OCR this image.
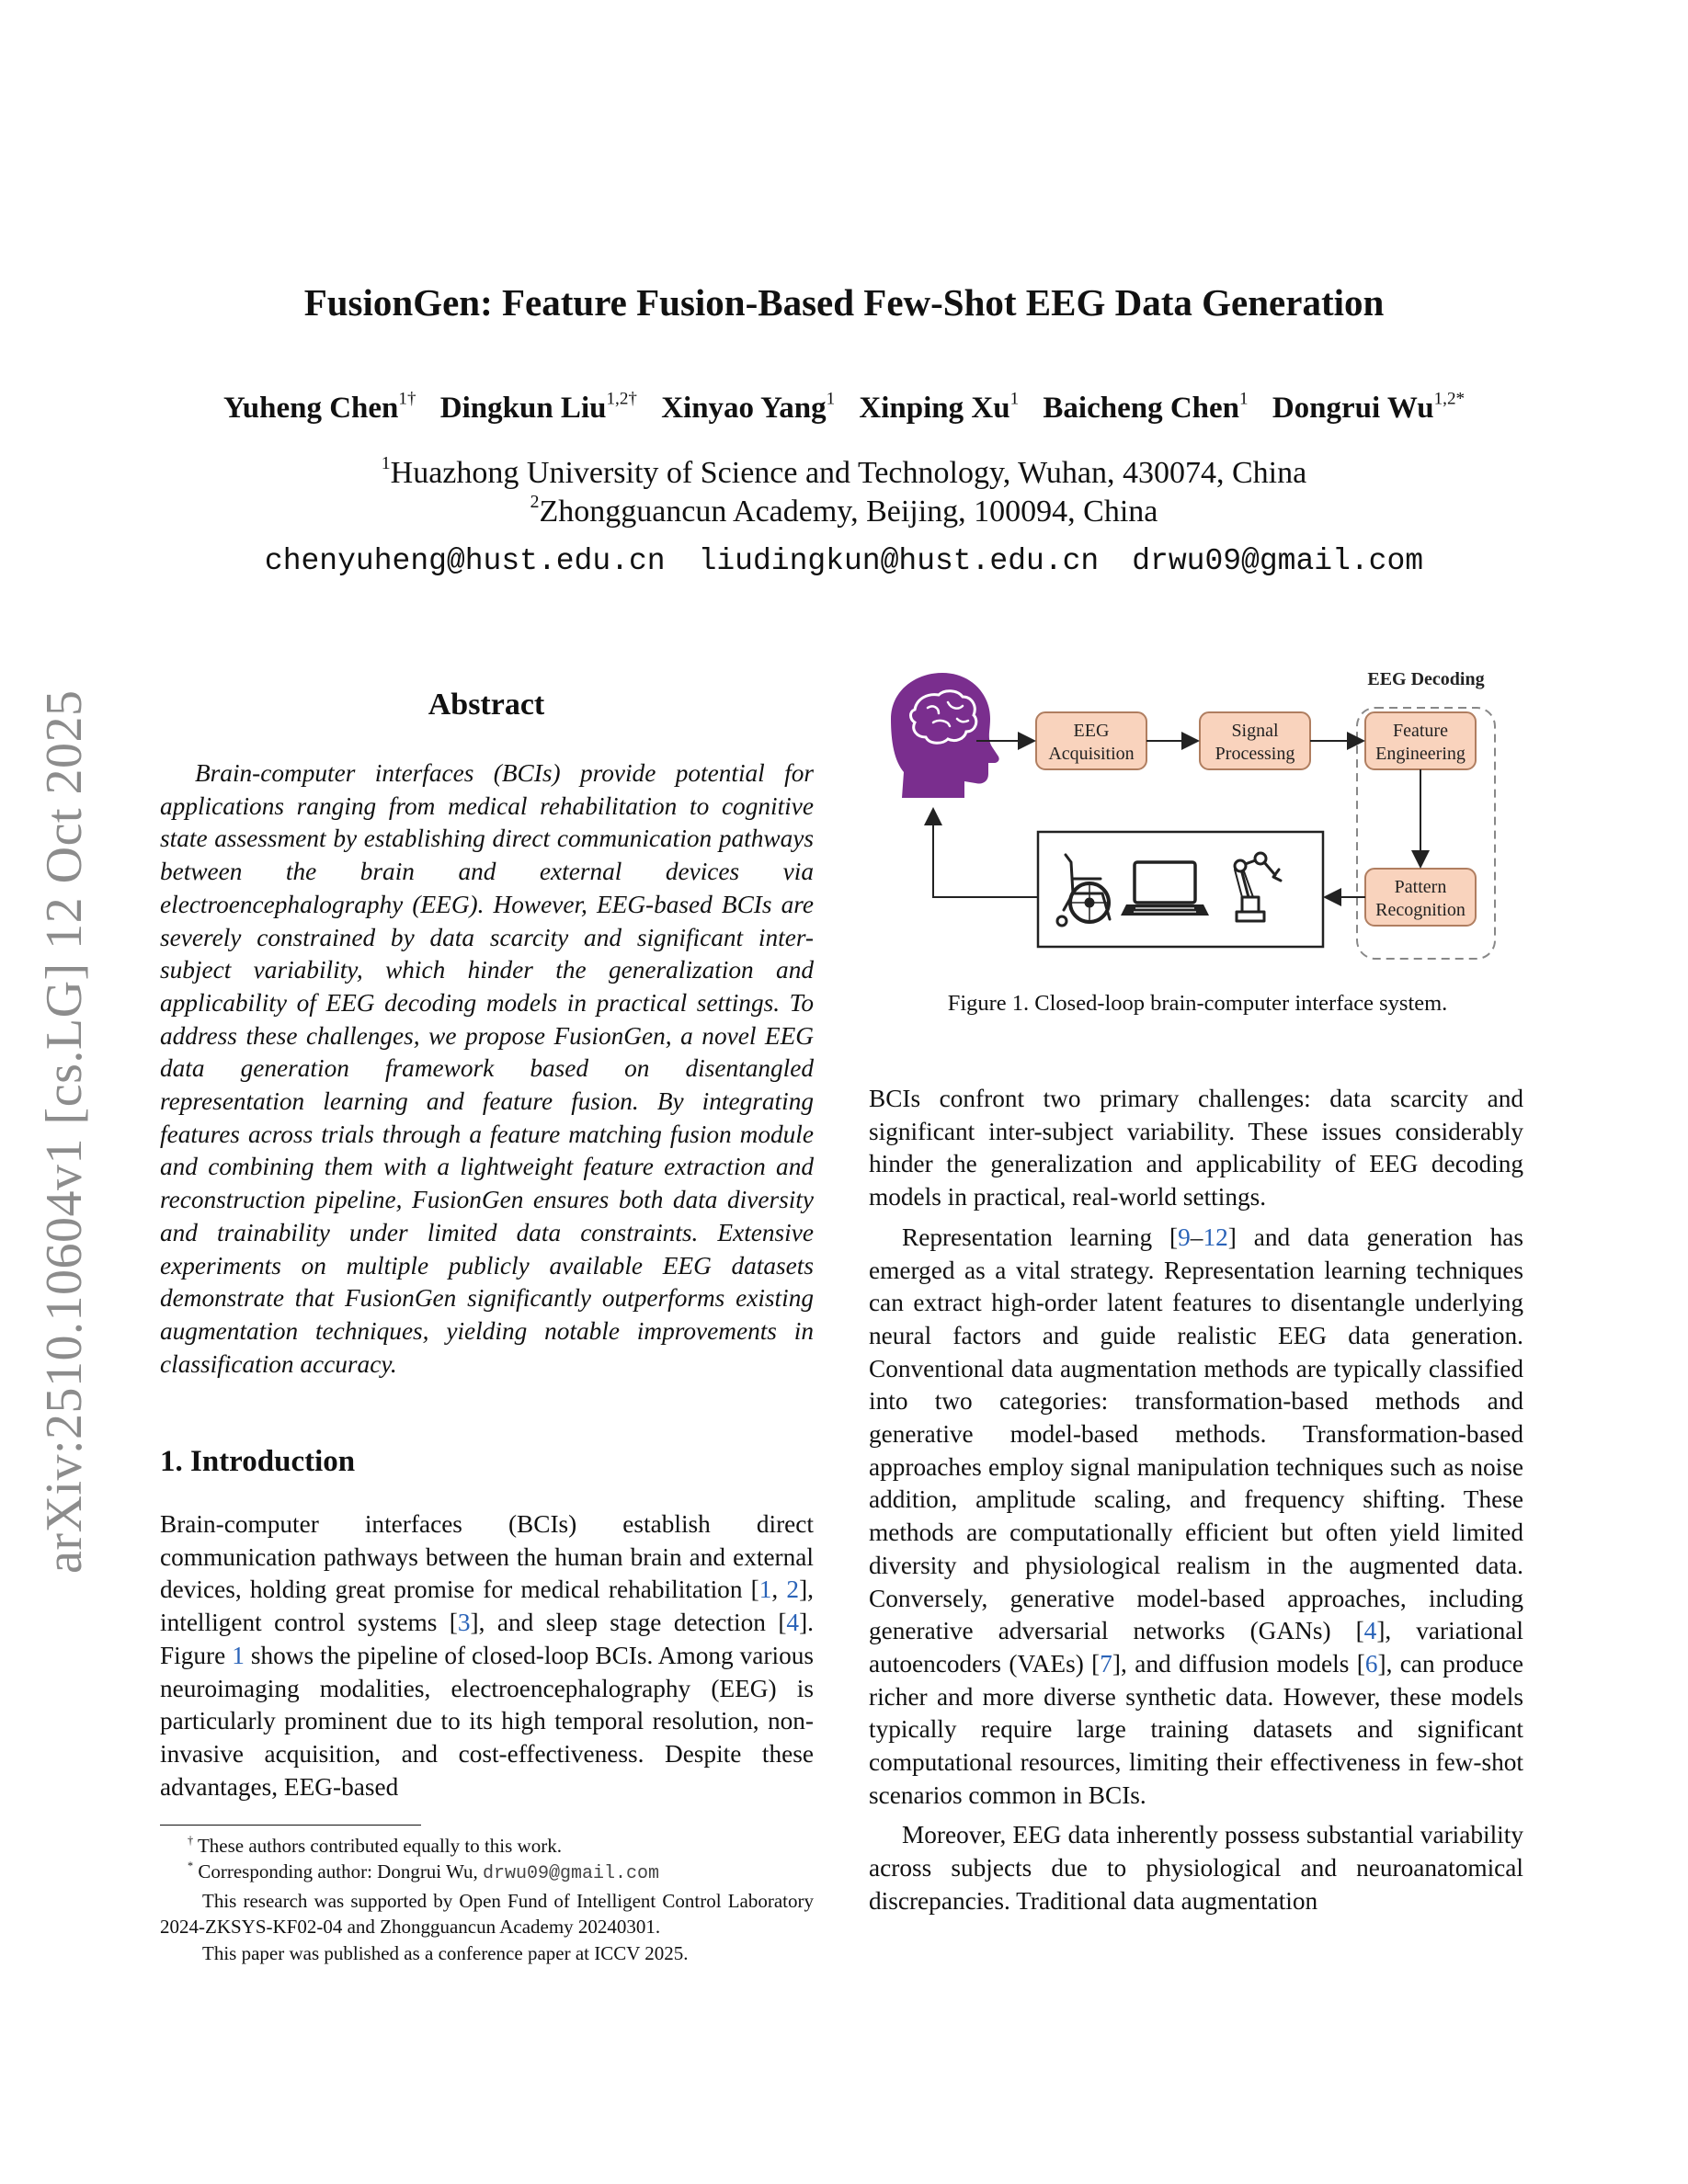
arXiv:2510.10604v1 [cs.LG] 12 Oct 2025
FusionGen: Feature Fusion-Based Few-Shot EEG Data Generation
Yuheng Chen$^{1\dagger}$ Dingkun Liu$^{1,2\dagger}$ Xinyao Yang$^1$ Xinping Xu$^1$ Baicheng Chen$^1$ Dongrui $Wu^{1,2*}$
$^1$Huazhong University of Science and Technology, Wuhan, 430074, China
$^2$Zhongguancun Academy, Beijing, 100094, China
chenyuheng@hust.edu.cn liudingkun@hust.edu.cn drwu09@gmail.com
Abstract

Brain-computer interfaces (BCIs) provide potential for applications ranging from medical rehabilitation to cognitive state assessment by establishing direct communication pathways between the brain and external devices via electroencephalography (EEG). However, EEG-based BCIs are severely constrained by data scarcity and significant inter-subject variability, which hinder the generalization and applicability of EEG decoding models in practical settings. To address these challenges, we propose FusionGen, a novel EEG data generation framework based on disentangled representation learning and feature fusion. By integrating features across trials through a feature matching fusion module and combining them with a lightweight feature extraction and reconstruction pipeline, FusionGen ensures both data diversity and trainability under limited data constraints. Extensive experiments on multiple publicly available EEG datasets demonstrate that FusionGen significantly outperforms existing augmentation techniques, yielding notable improvements in classification accuracy.

1. Introduction

Brain-computer interfaces (BCIs) establish direct communication pathways between the human brain and external devices, holding great promise for medical rehabilitation [1, 2], intelligent control systems [3], and sleep stage detection [4]. Figure 1 shows the pipeline of closed-loop BCIs. Among various neuroimaging modalities, electroencephalography (EEG) is particularly prominent due to its high temporal resolution, non-invasive acquisition, and cost-effectiveness. Despite these advantages, EEG-based

† These authors contributed equally to this work.
* Corresponding author: Dongrui Wu, drwu09@gmail.com
This research was supported by Open Fund of Intelligent Control Laboratory 2024-ZKSYS-KF02-04 and Zhongguancun Academy 20240301.
This paper was published as a conference paper at ICCV 2025.
EEG Decoding
EEG
Acquisition
Signal
Processing
Feature
Engineering
Pattern
Recognition
Figure 1. Closed-loop brain-computer interface system.

BCIs confront two primary challenges: data scarcity and significant inter-subject variability. These issues considerably hinder the generalization and applicability of EEG decoding models in practical, real-world settings.

Representation learning [9–12] and data generation has emerged as a vital strategy. Representation learning techniques can extract high-order latent features to disentangle underlying neural factors and guide realistic EEG data generation. Conventional data augmentation methods are typically classified into two categories: transformation-based methods and generative model-based methods. Transformation-based approaches employ signal manipulation techniques such as noise addition, amplitude scaling, and frequency shifting. These methods are computationally efficient but often yield limited diversity and physiological realism in the augmented data. Conversely, generative model-based approaches, including generative adversarial networks (GANs) [4], variational autoencoders (VAEs) [7], and diffusion models [6], can produce richer and more diverse synthetic data. However, these models typically require large training datasets and significant computational resources, limiting their effectiveness in few-shot scenarios common in BCIs.

Moreover, EEG data inherently possess substantial variability across subjects due to physiological and neuroanatomical discrepancies. Traditional data augmentation
